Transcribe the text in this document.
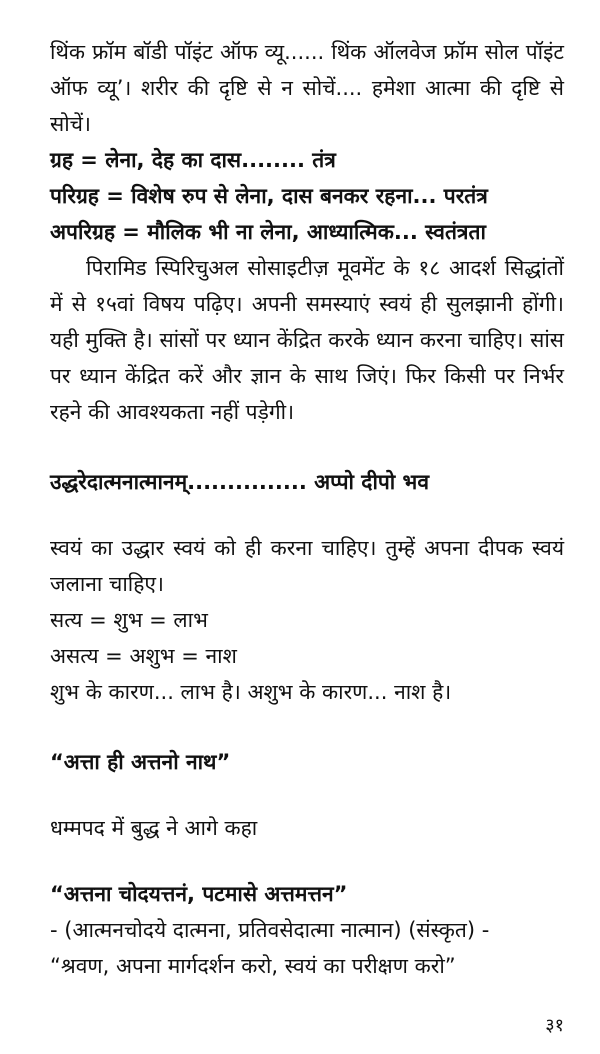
थिंक फ्रॉम बॉडी पॉइंट ऑफ व्यू...... थिंक ऑलवेज फ्रॉम सोल पॉइंट ऑफ व्यू’। शरीर की दृष्टि से न सोचें.... हमेशा आत्मा की दृष्टि से सोचें।

ग्रह = लेना, देह का दास........ तंत्र

परिग्रह = विशेष रुप से लेना, दास बनकर रहना... परतंत्र

अपरिग्रह = मौलिक भी ना लेना, आध्यात्मिक... स्वतंत्रता

पिरामिड स्पिरिचुअल सोसाइटीज़ मूवमेंट के १८ आदर्श सिद्धांतों में से १५वां विषय पढ़िए। अपनी समस्याएं स्वयं ही सुलझानी होंगी। यही मुक्ति है। सांसों पर ध्यान केंद्रित करके ध्यान करना चाहिए। सांस पर ध्यान केंद्रित करें और ज्ञान के साथ जिएं। फिर किसी पर निर्भर रहने की आवश्यकता नहीं पड़ेगी।

उद्धरेदात्मनात्मानम्............... अप्पो दीपो भव

स्वयं का उद्धार स्वयं को ही करना चाहिए। तुम्हें अपना दीपक स्वयं जलाना चाहिए।

सत्य = शुभ = लाभ
असत्य = अशुभ = नाश
शुभ के कारण... लाभ है। अशुभ के कारण... नाश है।
“अत्ता ही अत्तनो नाथ”

धम्मपद में बुद्ध ने आगे कहा

“अत्तना चोदयत्तनं, पटमासे अत्तमत्तन”
- (आत्मनचोदये दात्मना, प्रतिवसेदात्मा नात्मान) (संस्कृत) -
“श्रवण, अपना मार्गदर्शन करो, स्वयं का परीक्षण करो”
३१
